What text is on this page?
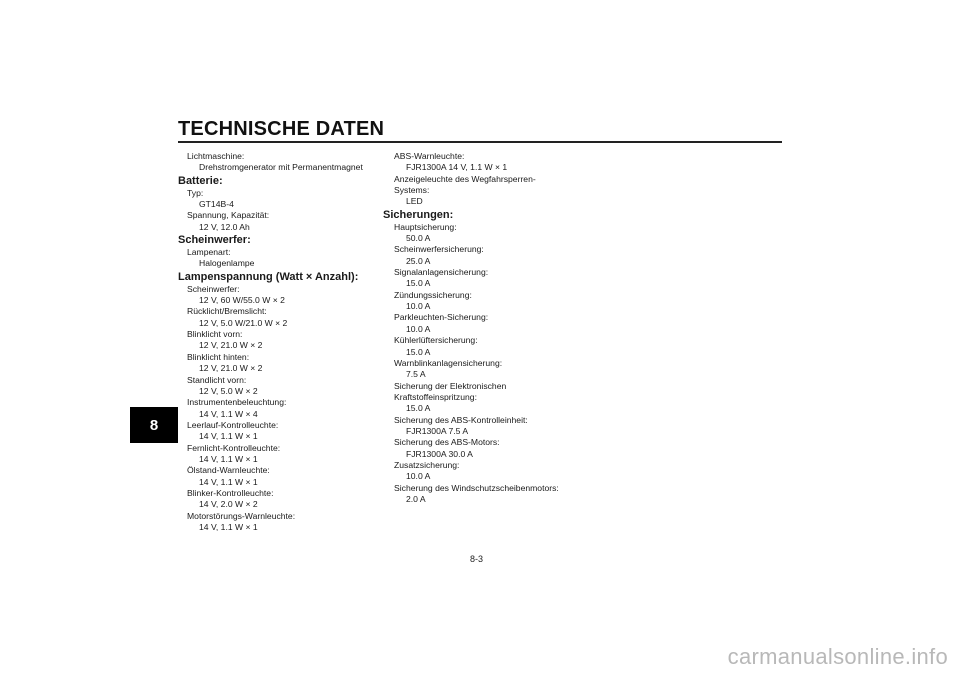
TECHNISCHE DATEN
8
Lichtmaschine:
Drehstromgenerator mit Permanentmagnet
Batterie:
Typ:
GT14B-4
Spannung, Kapazität:
12 V, 12.0 Ah
Scheinwerfer:
Lampenart:
Halogenlampe
Lampenspannung (Watt × Anzahl):
Scheinwerfer:
12 V, 60 W/55.0 W × 2
Rücklicht/Bremslicht:
12 V, 5.0 W/21.0 W × 2
Blinklicht vorn:
12 V, 21.0 W × 2
Blinklicht hinten:
12 V, 21.0 W × 2
Standlicht vorn:
12 V, 5.0 W × 2
Instrumentenbeleuchtung:
14 V, 1.1 W × 4
Leerlauf-Kontrolleuchte:
14 V, 1.1 W × 1
Fernlicht-Kontrolleuchte:
14 V, 1.1 W × 1
Ölstand-Warnleuchte:
14 V, 1.1 W × 1
Blinker-Kontrolleuchte:
14 V, 2.0 W × 2
Motorstörungs-Warnleuchte:
14 V, 1.1 W × 1
ABS-Warnleuchte:
FJR1300A 14 V, 1.1 W × 1
Anzeigeleuchte des Wegfahrsperren-
Systems:
LED
Sicherungen:
Hauptsicherung:
50.0 A
Scheinwerfersicherung:
25.0 A
Signalanlagensicherung:
15.0 A
Zündungssicherung:
10.0 A
Parkleuchten-Sicherung:
10.0 A
Kühlerlüftersicherung:
15.0 A
Warnblinkanlagensicherung:
7.5 A
Sicherung der Elektronischen
Kraftstoffeinspritzung:
15.0 A
Sicherung des ABS-Kontrolleinheit:
FJR1300A 7.5 A
Sicherung des ABS-Motors:
FJR1300A 30.0 A
Zusatzsicherung:
10.0 A
Sicherung des Windschutzscheibenmotors:
2.0 A
8-3
carmanualsonline.info
